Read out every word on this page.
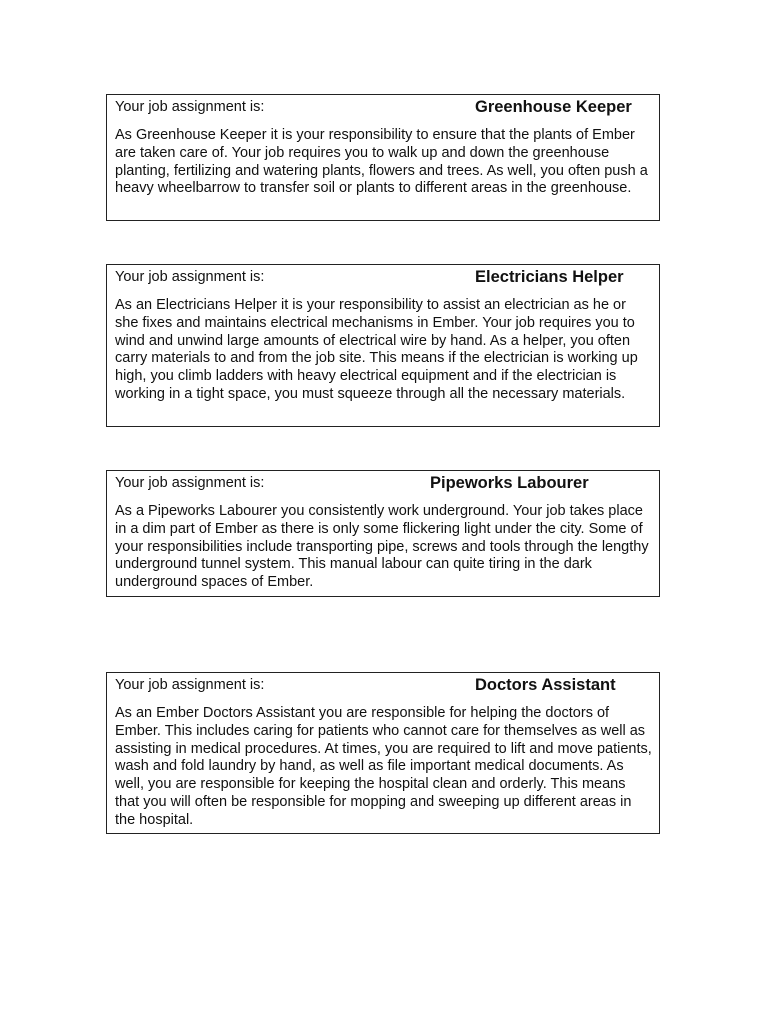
Your job assignment is:	Greenhouse Keeper
As Greenhouse Keeper it is your responsibility to ensure that the plants of Ember are taken care of. Your job requires you to walk up and down the greenhouse planting, fertilizing and watering plants, flowers and trees. As well, you often push a heavy wheelbarrow to transfer soil or plants to different areas in the greenhouse.
Your job assignment is:	Electricians Helper
As an Electricians Helper it is your responsibility to assist an electrician as he or she fixes and maintains electrical mechanisms in Ember. Your job requires you to wind and unwind large amounts of electrical wire by hand. As a helper, you often carry materials to and from the job site. This means if the electrician is working up high, you climb ladders with heavy electrical equipment and if the electrician is working in a tight space, you must squeeze through all the necessary materials.
Your job assignment is:	Pipeworks Labourer
As a Pipeworks Labourer you consistently work underground. Your job takes place in a dim part of Ember as there is only some flickering light under the city. Some of your responsibilities include transporting pipe, screws and tools through the lengthy underground tunnel system. This manual labour can quite tiring in the dark underground spaces of Ember.
Your job assignment is:	Doctors Assistant
As an Ember Doctors Assistant you are responsible for helping the doctors of Ember. This includes caring for patients who cannot care for themselves as well as assisting in medical procedures. At times, you are required to lift and move patients, wash and fold laundry by hand, as well as file important medical documents. As well, you are responsible for keeping the hospital clean and orderly. This means that you will often be responsible for mopping and sweeping up different areas in the hospital.
